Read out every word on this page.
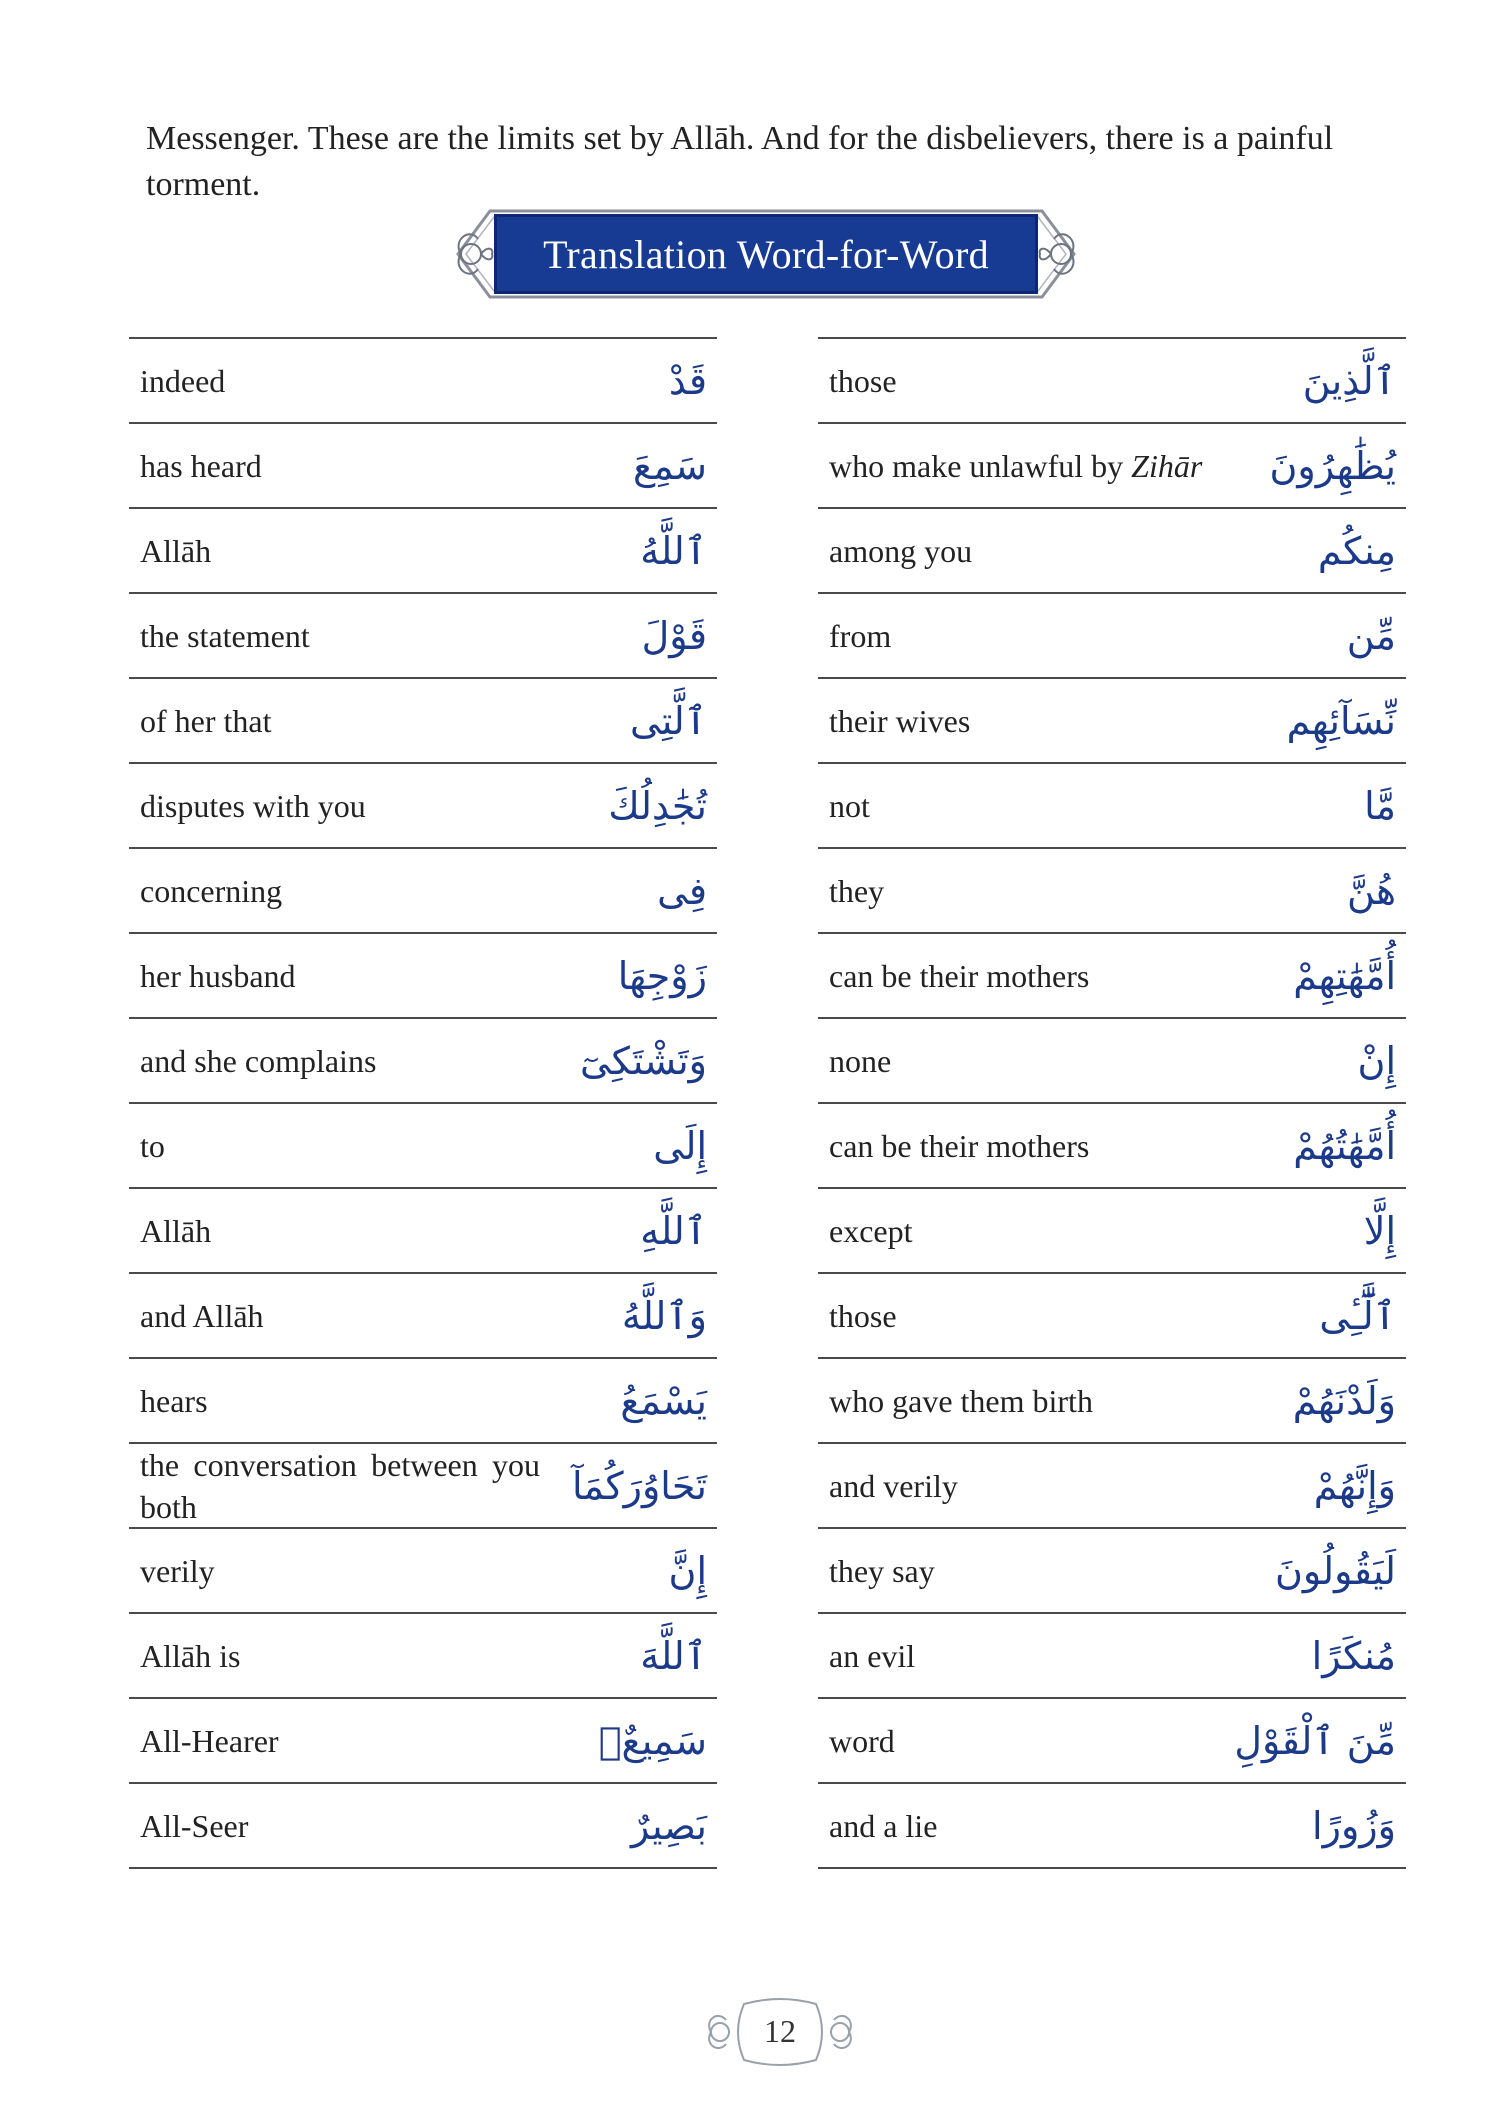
Messenger. These are the limits set by Allāh. And for the disbelievers, there is a painful torment.

Translation Word-for-Word
indeed	قَدْ
has heard	سَمِعَ
Allāh	ٱللَّهُ
the statement	قَوْلَ
of her that	ٱلَّتِى
disputes with you	تُجَٰدِلُكَ
concerning	فِى
her husband	زَوْجِهَا
and she complains	وَتَشْتَكِىٓ
to	إِلَى
Allāh	ٱللَّهِ
and Allāh	وَٱللَّهُ
hears	يَسْمَعُ
the conversation between you both	تَحَاوُرَكُمَآ
verily	إِنَّ
Allāh is	ٱللَّهَ
All-Hearer	سَمِيعٌۢ
All-Seer	بَصِيرٌ
those	ٱلَّذِينَ
who make unlawful by Zihār يُظَٰهِرُونَ
among you	مِنكُم
from	مِّن
their wives	نِّسَآئِهِم
not	مَّا
they	هُنَّ
can be their mothers	أُمَّهَٰتِهِمْ
none	إِنْ
can be their mothers	أُمَّهَٰتُهُمْ
except	إِلَّا
those	ٱلَّٰٓـِٔى
who gave them birth	وَلَدْنَهُمْ
and verily	وَإِنَّهُمْ
they say	لَيَقُولُونَ
an evil	مُنكَرًا
word	مِّنَ ٱلْقَوْلِ
and a lie	وَزُورًا
12
